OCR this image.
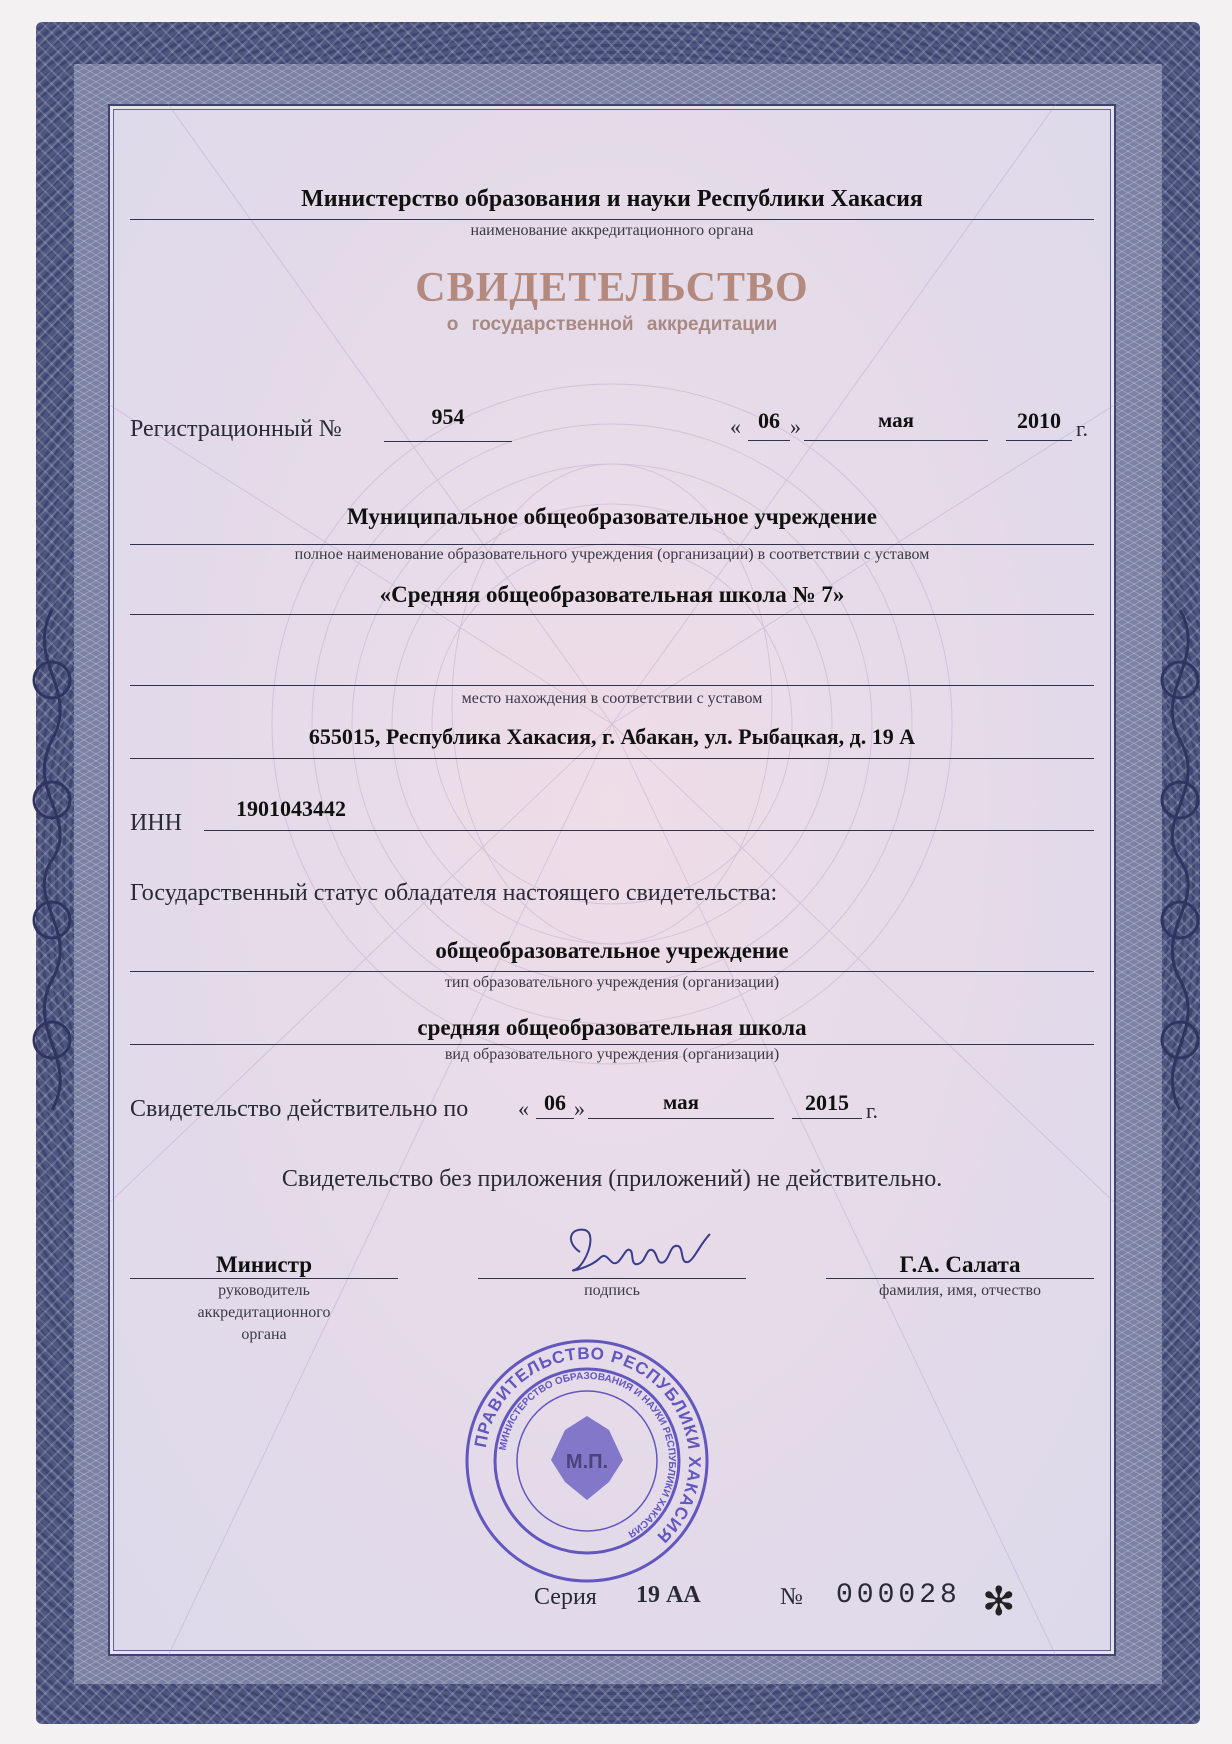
Министерство образования и науки Республики Хакасия
наименование аккредитационного органа
СВИДЕТЕЛЬСТВО
о государственной аккредитации
Регистрационный №	954	« 06 »	мая	2010 г.
Муниципальное общеобразовательное учреждение
полное наименование образовательного учреждения (организации) в соответствии с уставом
«Средняя общеобразовательная школа № 7»
место нахождения в соответствии с уставом
655015, Республика Хакасия, г. Абакан, ул. Рыбацкая, д. 19 А
ИНН
1901043442
Государственный статус обладателя настоящего свидетельства:
общеобразовательное учреждение
тип образовательного учреждения (организации)
средняя общеобразовательная школа
вид образовательного учреждения (организации)
Свидетельство действительно по « 06 »	мая	2015 г.
Свидетельство без приложения (приложений) не действительно.
Министр
руководитель
аккредитационного
органа
подпись
Г.А. Салата
фамилия, имя, отчество
ПРАВИТЕЛЬСТВО РЕСПУБЛИКИ ХАКАСИЯ
МИНИСТЕРСТВО ОБРАЗОВАНИЯ И НАУКИ РЕСПУБЛИКИ ХАКАСИЯ
М.П.
Серия 19 АА	№ 000028 ✻
